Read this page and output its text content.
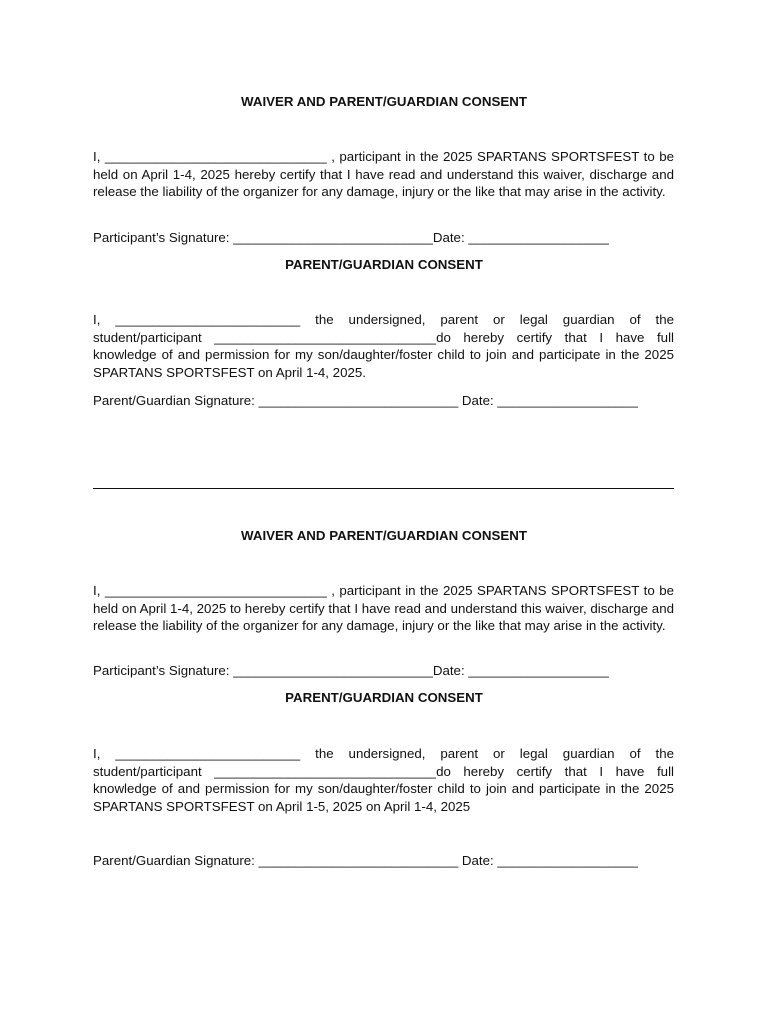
WAIVER AND PARENT/GUARDIAN CONSENT
I, ______________________________ , participant in the 2025 SPARTANS SPORTSFEST to be held on April 1-4, 2025 hereby certify that I have read and understand this waiver, discharge and release the liability of the organizer for any damage, injury or the like that may arise in the activity.
Participant’s Signature: ___________________________Date: ___________________
PARENT/GUARDIAN CONSENT
I, _________________________ the undersigned, parent or legal guardian of the student/participant ______________________________do hereby certify that I have full knowledge of and permission for my son/daughter/foster child to join and participate in the 2025 SPARTANS SPORTSFEST on April 1-4, 2025.
Parent/Guardian Signature: ___________________________ Date: ___________________
WAIVER AND PARENT/GUARDIAN CONSENT
I, ______________________________ , participant in the 2025 SPARTANS SPORTSFEST to be held on April 1-4, 2025 to hereby certify that I have read and understand this waiver, discharge and release the liability of the organizer for any damage, injury or the like that may arise in the activity.
Participant’s Signature: ___________________________Date: ___________________
PARENT/GUARDIAN CONSENT
I, _________________________ the undersigned, parent or legal guardian of the student/participant ______________________________do hereby certify that I have full knowledge of and permission for my son/daughter/foster child to join and participate in the 2025 SPARTANS SPORTSFEST on April 1-5, 2025 on April 1-4, 2025
Parent/Guardian Signature: ___________________________ Date: ___________________
